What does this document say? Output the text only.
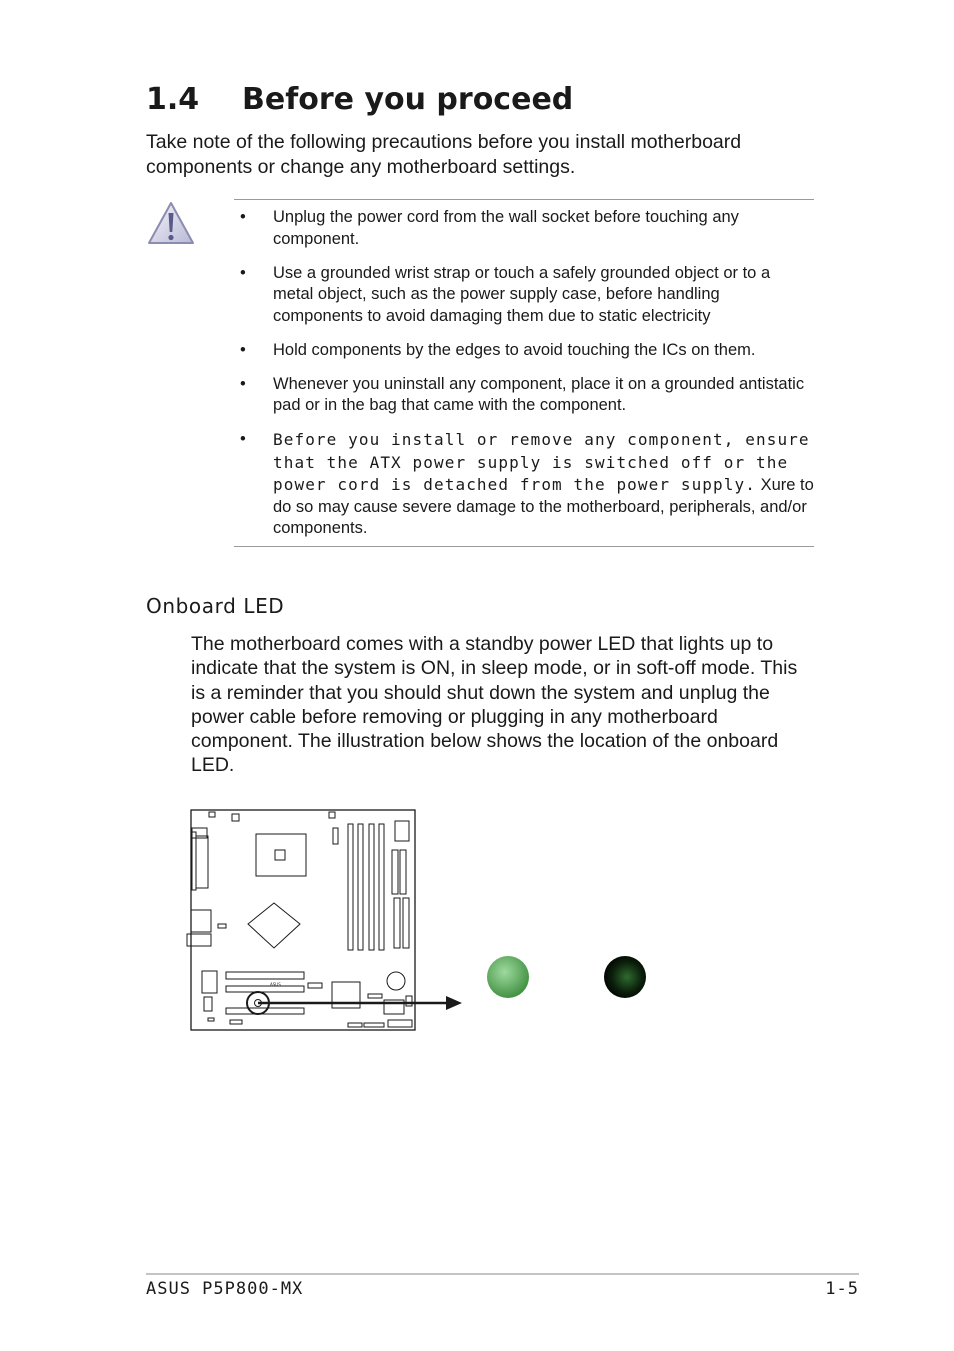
1.4 Before you proceed

Take note of the following precautions before you install motherboard components or change any motherboard settings.

• Unplug the power cord from the wall socket before touching any component.
• Use a grounded wrist strap or touch a safely grounded object or to a metal object, such as the power supply case, before handling components to avoid damaging them due to static electricity
• Hold components by the edges to avoid touching the ICs on them.
• Whenever you uninstall any component, place it on a grounded antistatic pad or in the bag that came with the component.
• Before you install or remove any component, ensure that the ATX power supply is switched off or the power cord is detached from the power supply. Xure to do so may cause severe damage to the motherboard, peripherals, and/or components.
Onboard LED

The motherboard comes with a standby power LED that lights up to indicate that the system is ON, in sleep mode, or in soft-off mode. This is a reminder that you should shut down the system and unplug the power cable before removing or plugging in any motherboard component. The illustration below shows the location of the onboard LED.

ASUS
ASUS P5P800-MX	1-5
